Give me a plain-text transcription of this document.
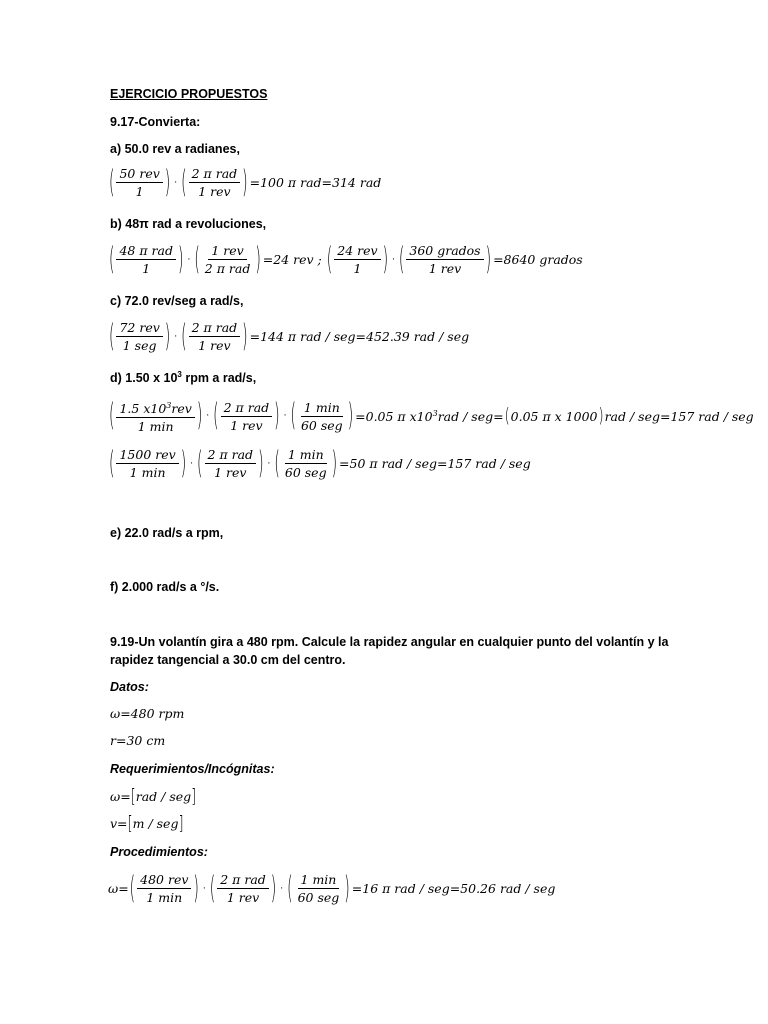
EJERCICIO PROPUESTOS
9.17-Convierta:
a) 50.0 rev a radianes,
( $\frac{\text{50 rev}}{1}$ ) · ( $\frac{\text{2 π rad}}{\text{1 rev}}$ ) =100 π rad=314 rad
b) 48π rad a revoluciones,
( $\frac{\text{48 π rad}}{1}$ ) · ( $\frac{\text{1 rev}}{\text{2 π rad}}$ ) =24 rev ; ( $\frac{\text{24 rev}}{1}$ ) · ( $\frac{\text{360 grados}}{\text{1 rev}}$ ) =8640 grados
c) 72.0 rev/seg a rad/s,
( $\frac{\text{72 rev}}{\text{1 seg}}$ ) · ( $\frac{\text{2 π rad}}{\text{1 rev}}$ ) =144 π rad / seg=452.39 rad / seg
d) 1.50 x $10^3$ rpm a rad/s,
( $\frac{1.5 x10^3rev}{1 \min}$ ) · ( $\frac{\text{2 π rad}}{\text{1 rev}}$ ) · ( $\frac{1 \min}{\text{60 seg}}$ ) =0.05 π $x10^3rad / seg=$ ( 0.05 π x 1000 ) rad / seg=157 rad / seg
( $\frac{\text{1500 rev}}{1 \min}$ ) · ( $\frac{\text{2 π rad}}{\text{1 rev}}$ ) · ( $\frac{1 \min}{\text{60 seg}}$ ) =50 π rad / seg=157 rad / seg
e) 22.0 rad/s a rpm,
f) 2.000 rad/s a °/s.
9.19-Un volantín gira a 480 rpm. Calcule la rapidez angular en cualquier punto del volantín y la
rapidez tangencial a 30.0 cm del centro.
Datos:
ω=480 rpm
r=30 cm
Requerimientos/Incógnitas:
ω=[rad / seg]
v=[m / seg]
Procedimientos:
ω= ( $\frac{\text{480 rev}}{1 \min}$ ) · ( $\frac{\text{2 π rad}}{\text{1 rev}}$ ) · ( $\frac{1 \min}{\text{60 seg}}$ ) =16 π rad / seg=50.26 rad / seg
